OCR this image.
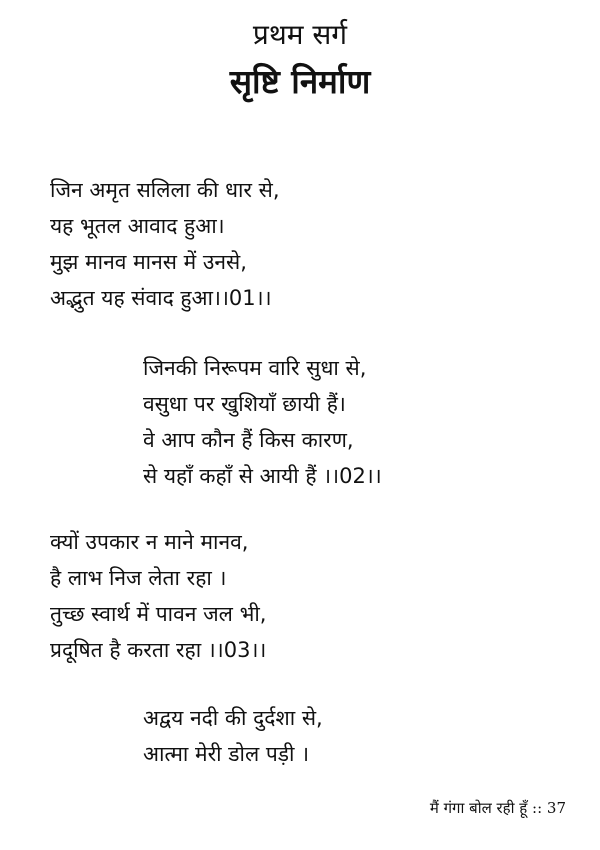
प्रथम सर्ग
सृष्टि निर्माण
जिन अमृत सलिला की धार से,
यह भूतल आवाद हुआ।
मुझ मानव मानस में उनसे,
अद्भुत यह संवाद हुआ।।01।।
जिनकी निरूपम वारि सुधा से,
वसुधा पर खुशियाँ छायी हैं।
वे आप कौन हैं किस कारण,
से यहाँ कहाँ से आयी हैं ।।02।।
क्यों उपकार न माने मानव,
है लाभ निज लेता रहा ।
तुच्छ स्वार्थ में पावन जल भी,
प्रदूषित है करता रहा ।।03।।
अद्वय नदी की दुर्दशा से,
आत्मा मेरी डोल पड़ी ।
मैं गंगा बोल रही हूँ :: 37
